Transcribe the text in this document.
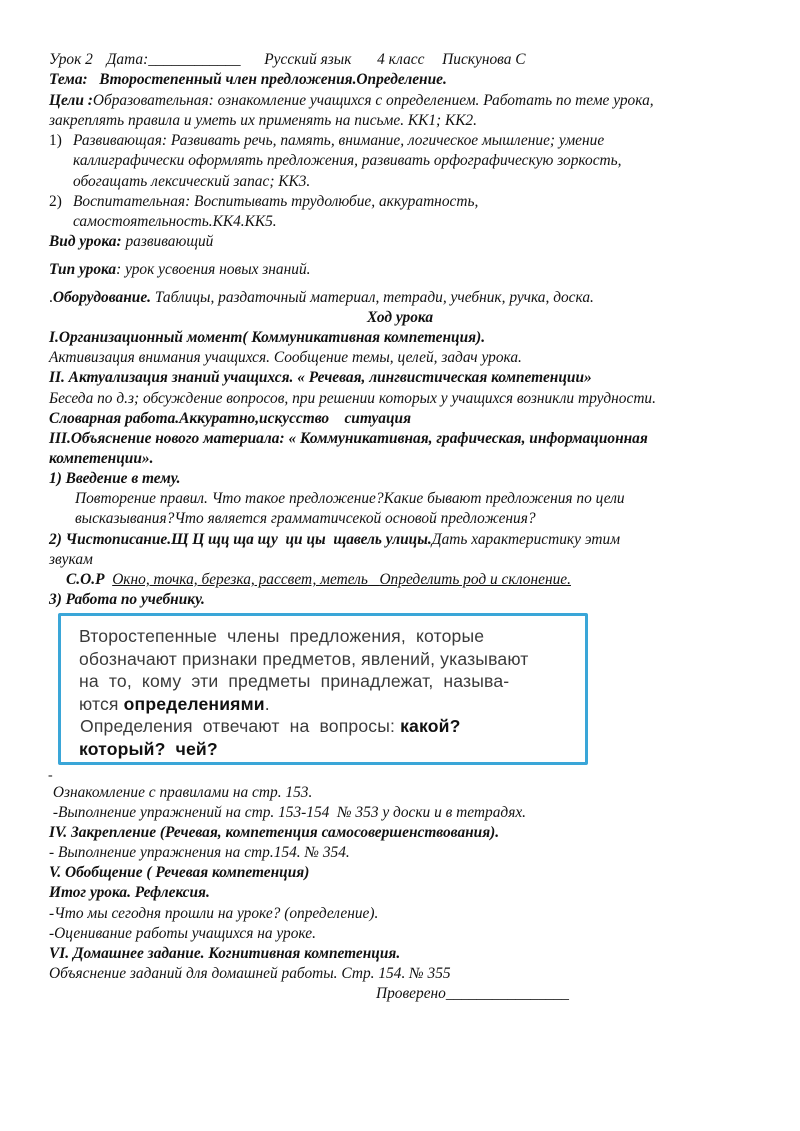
Урок 2 Дата:____________ Русский язык 4 класс Пискунова С
Тема: Второстепенный член предложения.Определение.
Цели :Образовательная: ознакомление учащихся с определением. Работать по теме урока,
закреплять правила и уметь их применять на письме. КК1; КК2.
1) Развивающая: Развивать речь, память, внимание, логическое мышление; умение
каллиграфически оформлять предложения, развивать орфографическую зоркость,
обогащать лексический запас; КК3.
2) Воспитательная: Воспитывать трудолюбие, аккуратность,
самостоятельность.КК4.КК5.
Вид урока: развивающий
Тип урока: урок усвоения новых знаний.
.Оборудование. Таблицы, раздаточный материал, тетради, учебник, ручка, доска.
Ход урока
I.Организационный момент( Коммуникативная компетенция).
Активизация внимания учащихся. Сообщение темы, целей, задач урока.
II. Актуализация знаний учащихся. « Речевая, лингвистическая компетенции»
Беседа по д.з; обсуждение вопросов, при решении которых у учащихся возникли трудности.
Словарная работа.Аккуратно,искусство    ситуация
III.Объяснение нового материала: « Коммуникативная, графическая, информационная
компетенции».
1) Введение в тему.
Повторение правил. Что такое предложение?Какие бывают предложения по цели
высказывания?Что является грамматичсекой основой предложения?
2) Чистописание.Щ Ц щц ща щу  ци цы  щавель улицы.Дать характеристику этим
звукам
С.О.Р Окно, точка, березка, рассвет, метель Определить род и склонение.
3) Работа по учебнику.

Второстепенные  члены  предложения,  которые

обозначают признаки предметов, явлений, указывают

на  то,  кому  эти  предметы  принадлежат,  называ-

ются определениями.

Определения  отвечают  на  вопросы: какой?

который?  чей?

-
Ознакомление с правилами на стр. 153.
-Выполнение упражнений на стр. 153-154  № 353 у доски и в тетрадях.
IV. Закрепление (Речевая, компетенция самосовершенствования).
- Выполнение упражнения на стр.154. № 354.
V. Обобщение ( Речевая компетенция)
Итог урока. Рефлексия.
-Что мы сегодня прошли на уроке? (определение).
-Оценивание работы учащихся на уроке.
VI. Домашнее задание. Когнитивная компетенция.
Объяснение заданий для домашней работы. Стр. 154. № 355
Проверено________________
